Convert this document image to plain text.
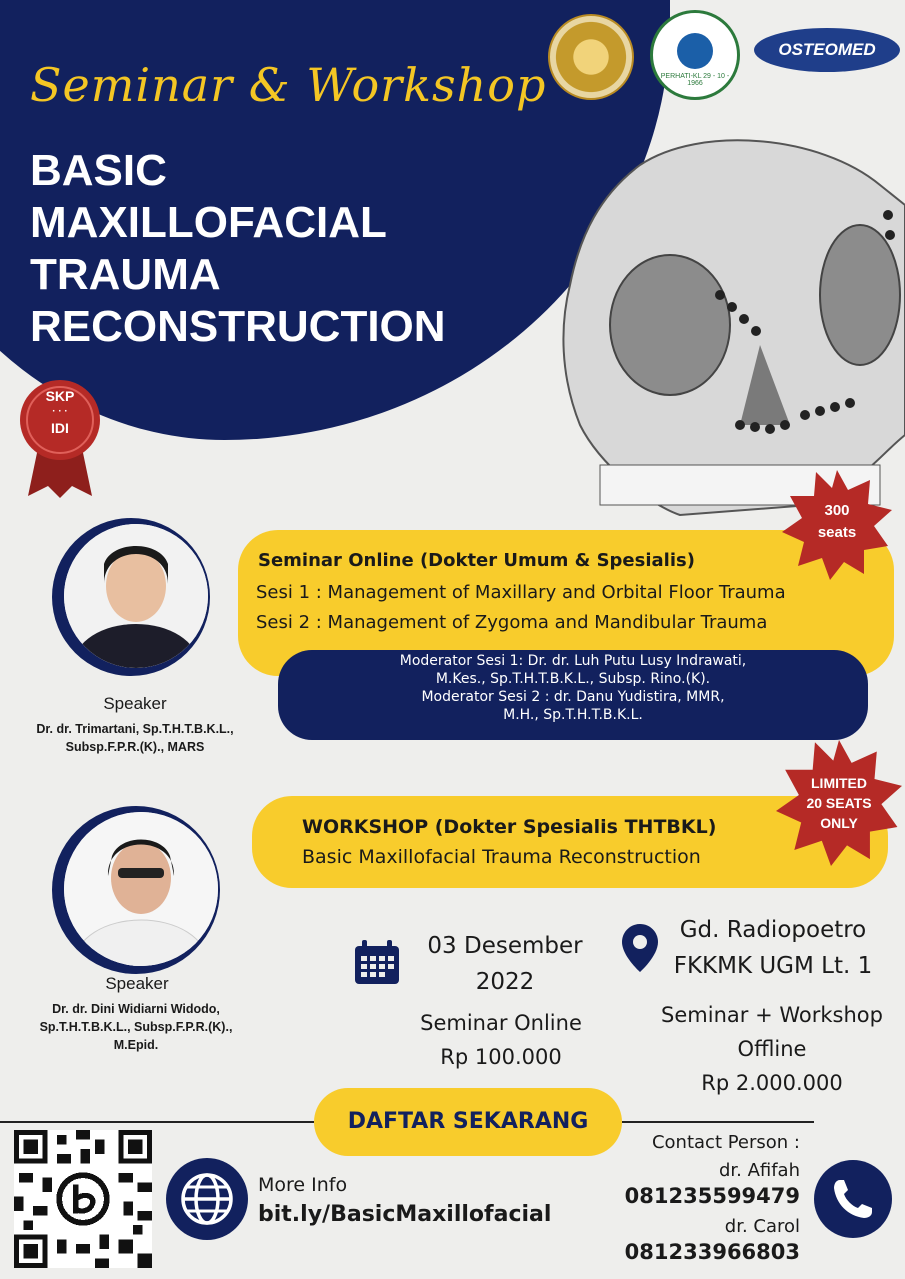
Seminar & Workshop
BASIC
MAXILLOFACIAL
TRAUMA
RECONSTRUCTION
PERHATI-KL 29 - 10 - 1966
OSTEOMED
SKP
· · ·
IDI
Speaker
Dr. dr. Trimartani, Sp.T.H.T.B.K.L.,
Subsp.F.P.R.(K)., MARS
Seminar Online (Dokter Umum & Spesialis)
Sesi 1 : Management of Maxillary and Orbital Floor Trauma
Sesi 2 : Management of Zygoma and Mandibular Trauma
300
seats
Moderator Sesi 1: Dr. dr. Luh Putu Lusy Indrawati,
M.Kes., Sp.T.H.T.B.K.L., Subsp. Rino.(K).
Moderator Sesi 2 : dr. Danu Yudistira, MMR,
M.H., Sp.T.H.T.B.K.L.
Speaker
Dr. dr. Dini Widiarni Widodo,
Sp.T.H.T.B.K.L., Subsp.F.P.R.(K).,
M.Epid.
WORKSHOP (Dokter Spesialis THTBKL)
Basic Maxillofacial Trauma Reconstruction
LIMITED
20 SEATS
ONLY
03 Desember
2022
Seminar Online
Rp 100.000
Gd. Radiopoetro
FKKMK UGM Lt. 1
Seminar + Workshop
Offline
Rp 2.000.000
DAFTAR SEKARANG
More Info
bit.ly/BasicMaxillofacial
Contact Person :
dr. Afifah
081235599479
dr. Carol
081233966803
